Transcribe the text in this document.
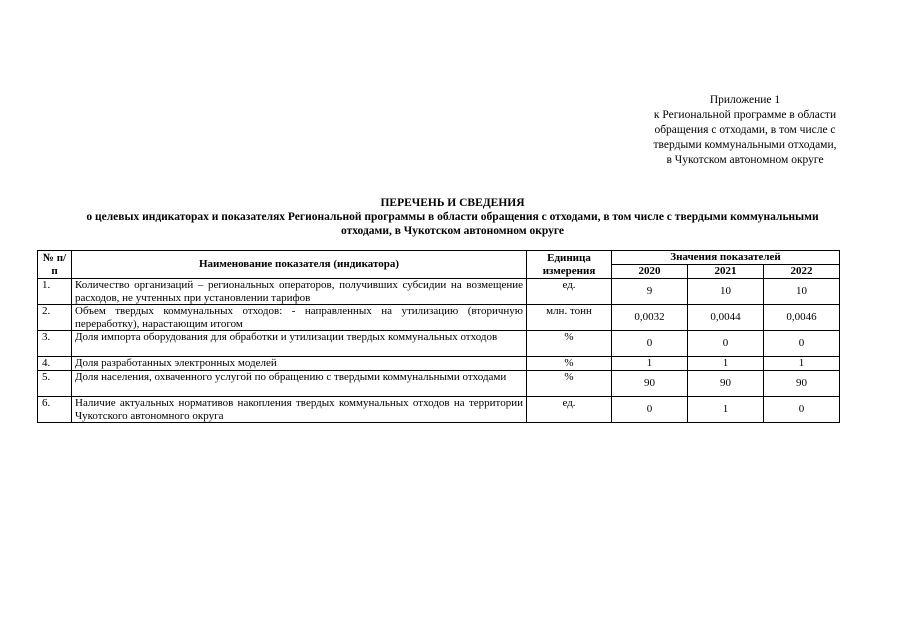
Приложение 1
к Региональной программе в области
обращения с отходами, в том числе с
твердыми коммунальными отходами,
в Чукотском автономном округе
ПЕРЕЧЕНЬ И СВЕДЕНИЯ
о целевых индикаторах и показателях Региональной программы в области обращения с отходами, в том числе с твердыми коммунальными
отходами, в Чукотском автономном округе
№ п/п	Наименование показателя (индикатора)	Единица измерения	Значения показателей		
			2020	2021	2022
1.	Количество организаций – региональных операторов, получивших субсидии на возмещение расходов, не учтенных при установлении тарифов	ед.	9	10	10
2.	Объем твердых коммунальных отходов: - направленных на утилизацию (вторичную переработку), нарастающим итогом	млн. тонн	0,0032	0,0044	0,0046
3.	Доля импорта оборудования для обработки и утилизации твердых коммунальных отходов	%	0	0	0
4.	Доля разработанных электронных моделей	%	1	1	1
5.	Доля населения, охваченного услугой по обращению с твердыми коммунальными отходами	%	90	90	90
6.	Наличие актуальных нормативов накопления твердых коммунальных отходов на территории Чукотского автономного округа	ед.	0	1	0
